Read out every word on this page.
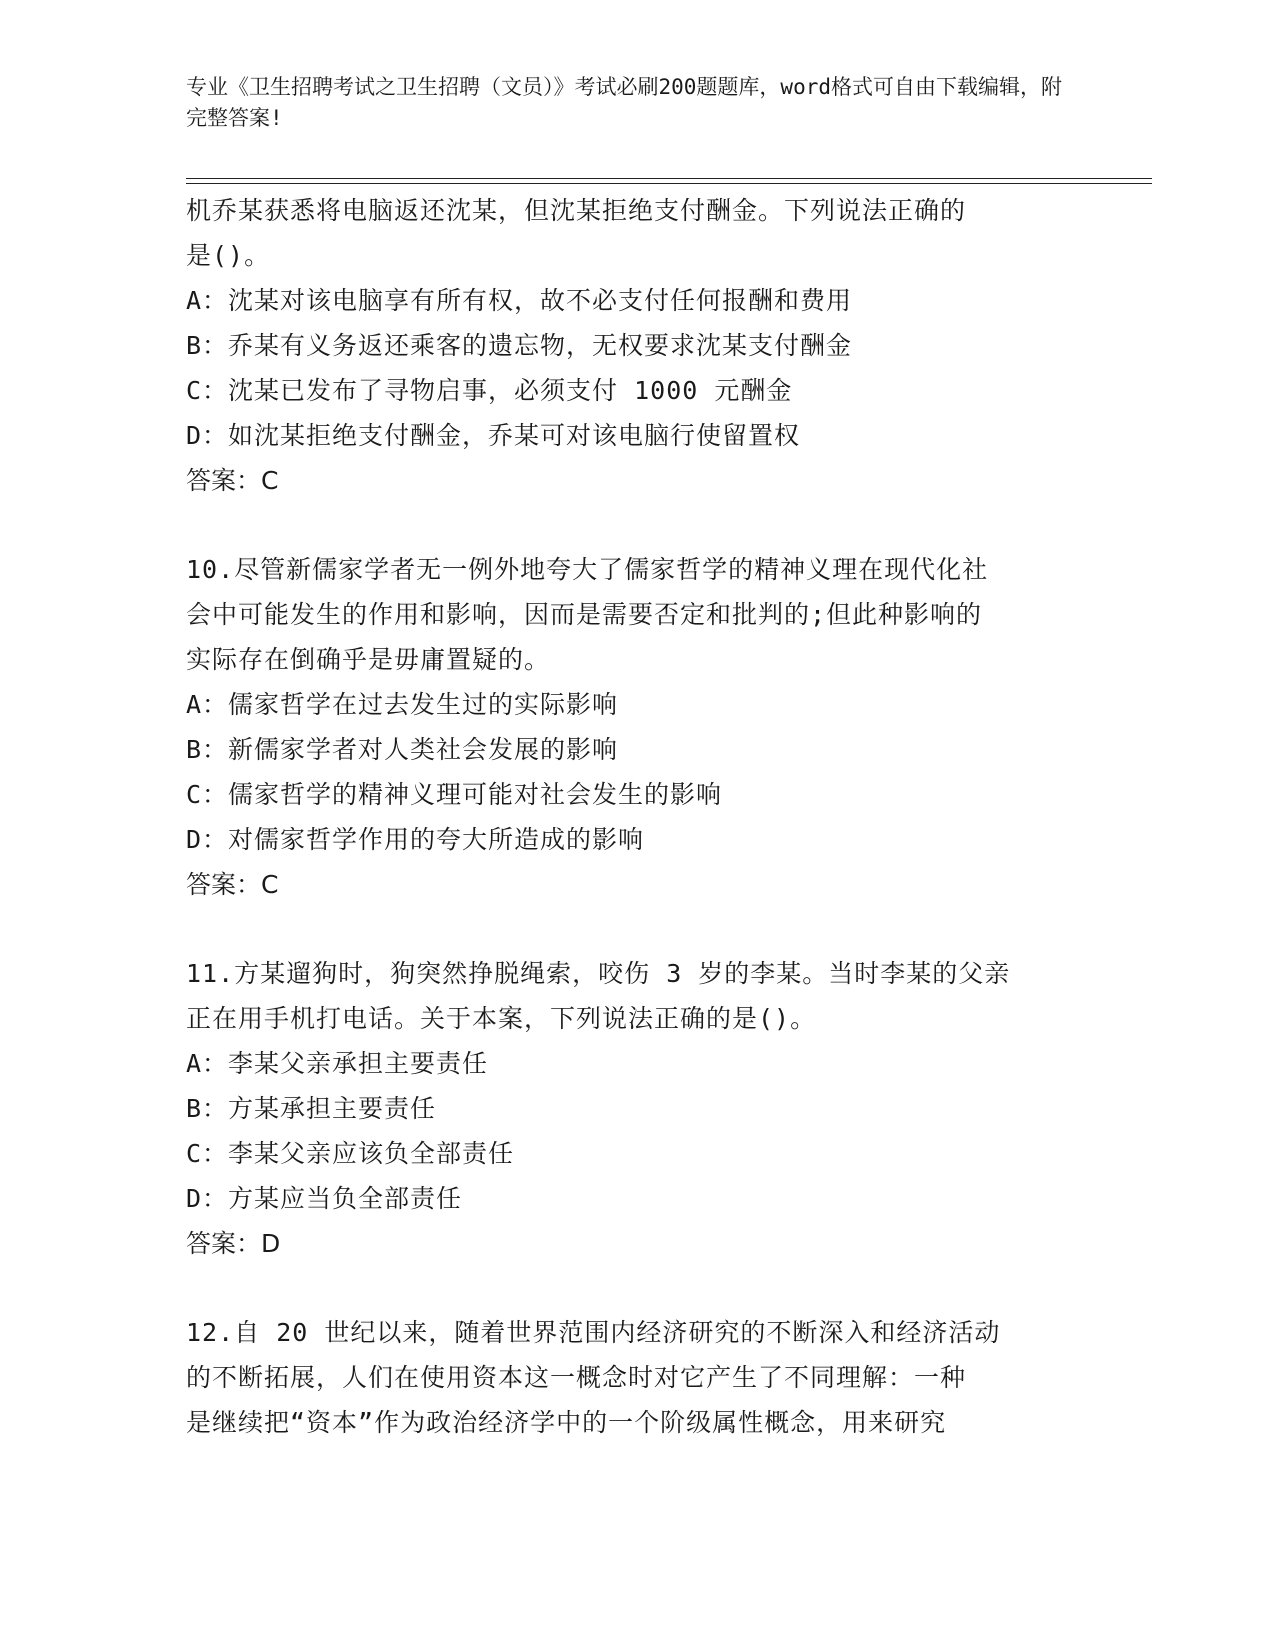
专业《卫生招聘考试之卫生招聘（文员）》考试必刷200题题库，word格式可自由下载编辑，附完整答案!

机乔某获悉将电脑返还沈某，但沈某拒绝支付酬金。下列说法正确的

是()。

A：沈某对该电脑享有所有权，故不必支付任何报酬和费用

B：乔某有义务返还乘客的遗忘物，无权要求沈某支付酬金

C：沈某已发布了寻物启事，必须支付 1000 元酬金

D：如沈某拒绝支付酬金，乔某可对该电脑行使留置权

答案：C

10.尽管新儒家学者无一例外地夸大了儒家哲学的精神义理在现代化社

会中可能发生的作用和影响，因而是需要否定和批判的;但此种影响的

实际存在倒确乎是毋庸置疑的。

A：儒家哲学在过去发生过的实际影响

B：新儒家学者对人类社会发展的影响

C：儒家哲学的精神义理可能对社会发生的影响

D：对儒家哲学作用的夸大所造成的影响

答案：C

11.方某遛狗时，狗突然挣脱绳索，咬伤 3 岁的李某。当时李某的父亲

正在用手机打电话。关于本案，下列说法正确的是()。

A：李某父亲承担主要责任

B：方某承担主要责任

C：李某父亲应该负全部责任

D：方某应当负全部责任

答案：D

12.自 20 世纪以来，随着世界范围内经济研究的不断深入和经济活动

的不断拓展，人们在使用资本这一概念时对它产生了不同理解：一种

是继续把“资本”作为政治经济学中的一个阶级属性概念，用来研究
